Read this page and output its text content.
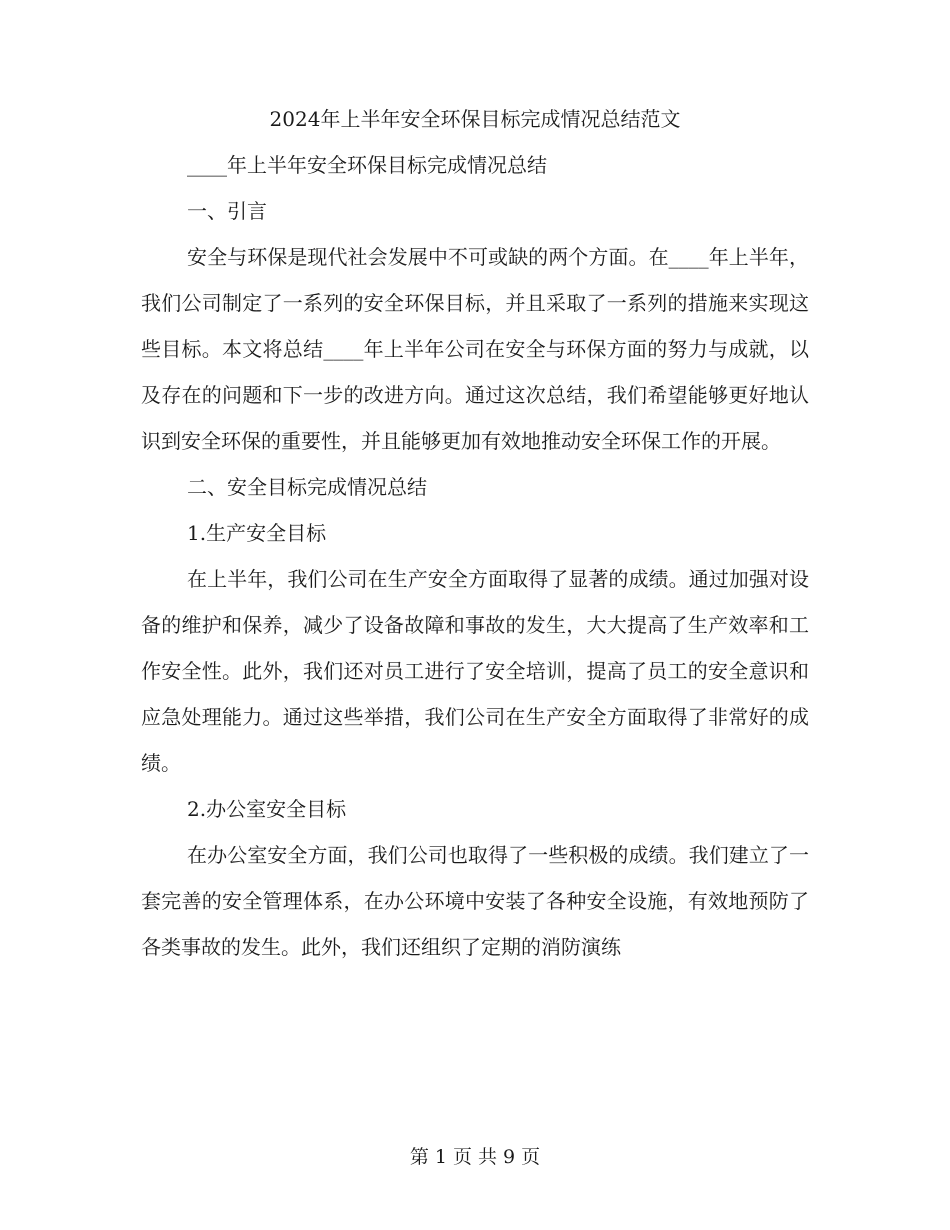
2024年上半年安全环保目标完成情况总结范文

____年上半年安全环保目标完成情况总结

一、引言

安全与环保是现代社会发展中不可或缺的两个方面。在____年上半年，我们公司制定了一系列的安全环保目标，并且采取了一系列的措施来实现这些目标。本文将总结____年上半年公司在安全与环保方面的努力与成就，以及存在的问题和下一步的改进方向。通过这次总结，我们希望能够更好地认识到安全环保的重要性，并且能够更加有效地推动安全环保工作的开展。

二、安全目标完成情况总结

1.生产安全目标

在上半年，我们公司在生产安全方面取得了显著的成绩。通过加强对设备的维护和保养，减少了设备故障和事故的发生，大大提高了生产效率和工作安全性。此外，我们还对员工进行了安全培训，提高了员工的安全意识和应急处理能力。通过这些举措，我们公司在生产安全方面取得了非常好的成绩。

2.办公室安全目标

在办公室安全方面，我们公司也取得了一些积极的成绩。我们建立了一套完善的安全管理体系，在办公环境中安装了各种安全设施，有效地预防了各类事故的发生。此外，我们还组织了定期的消防演练

第 1 页 共 9 页
